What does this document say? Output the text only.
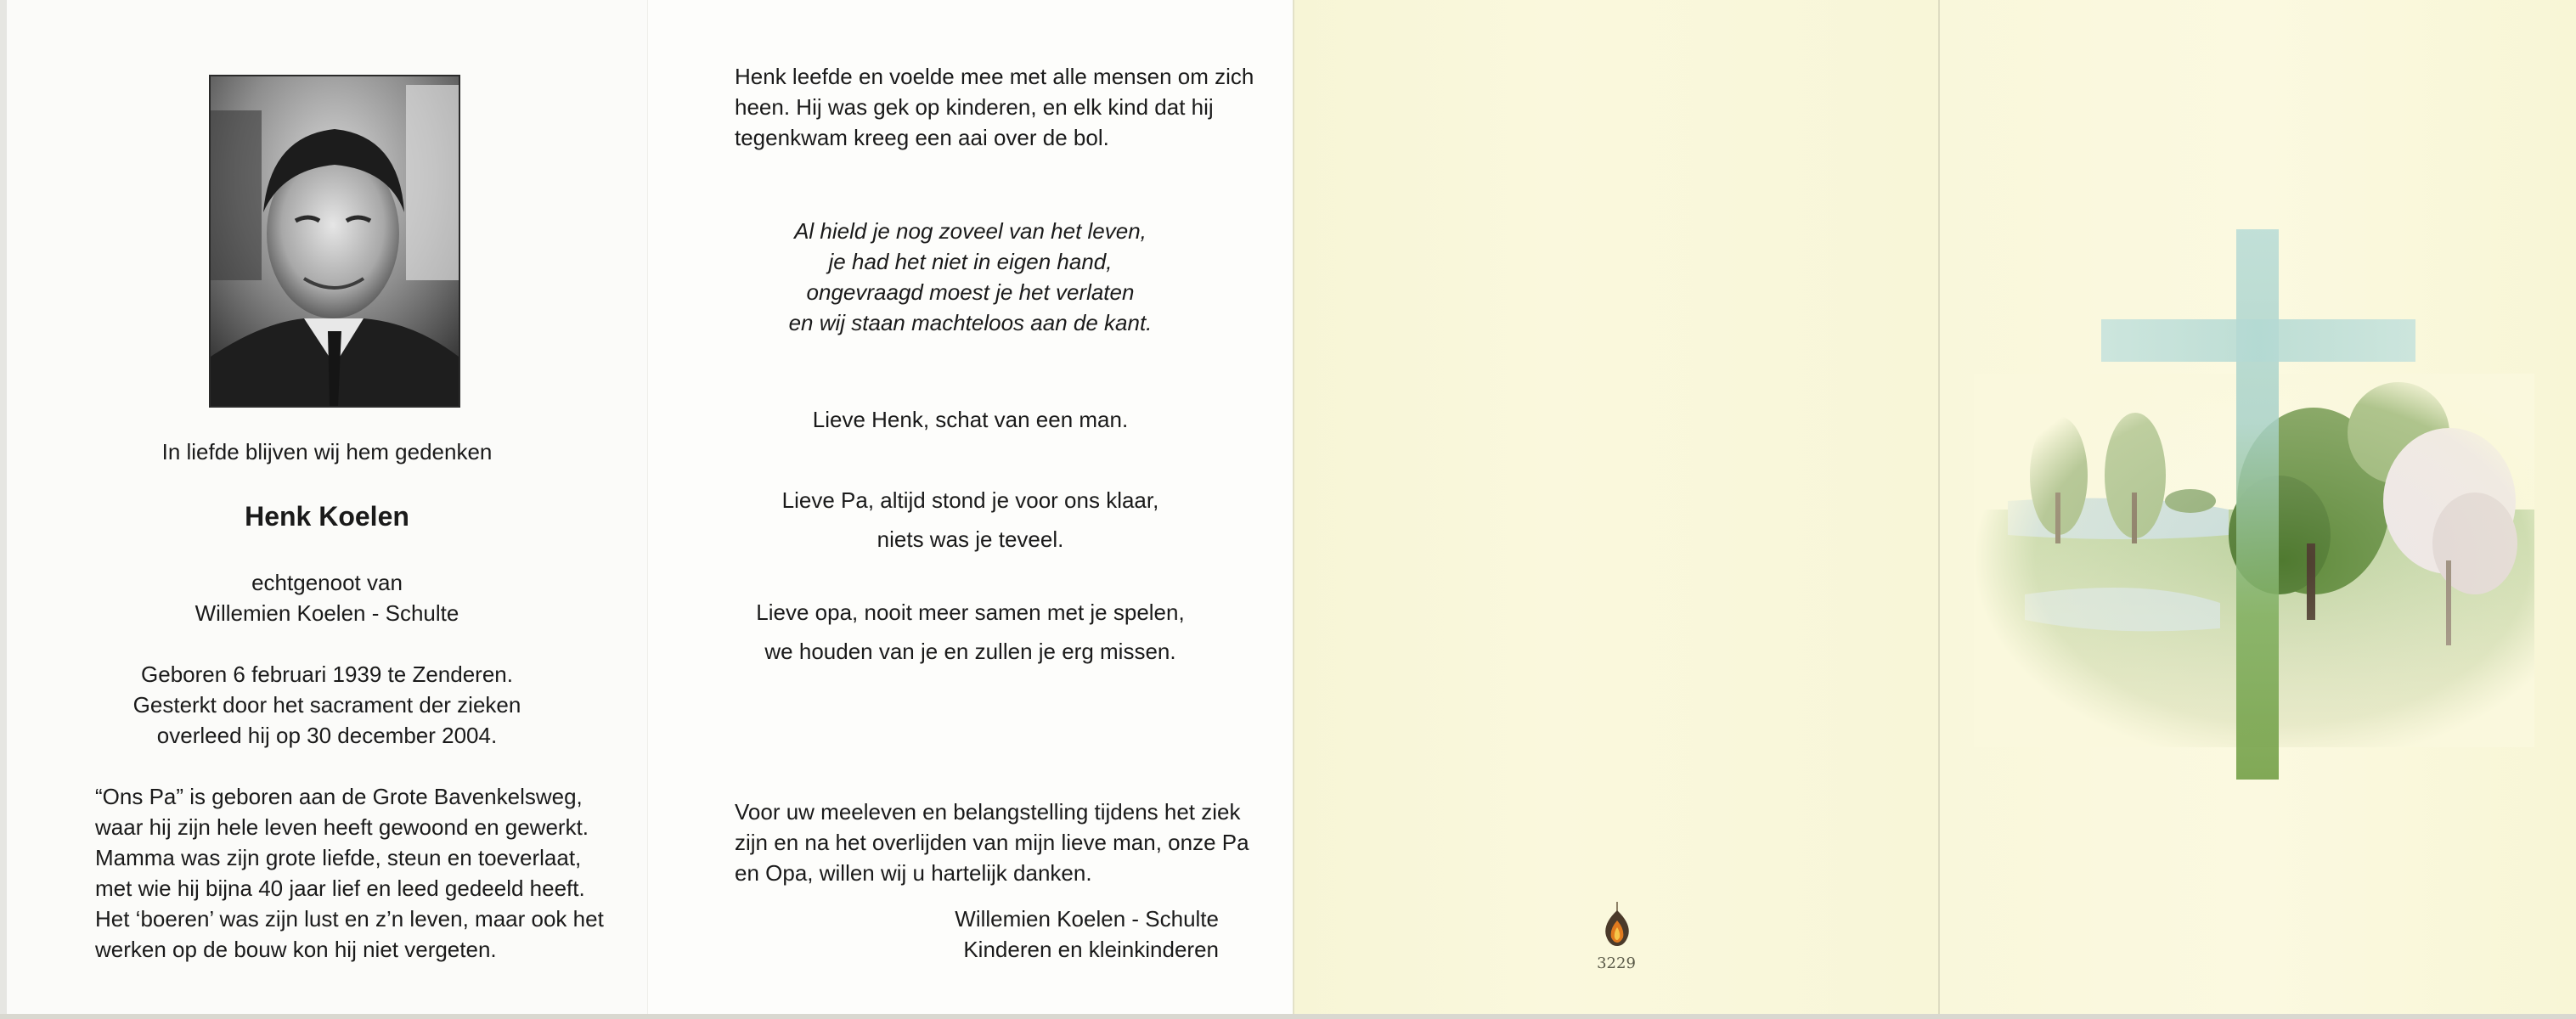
In liefde blijven wij hem gedenken

Henk Koelen

echtgenoot van
Willemien Koelen - Schulte
Geboren 6 februari 1939 te Zenderen.
Gesterkt door het sacrament der zieken
overleed hij op 30 december 2004.
“Ons Pa” is geboren aan de Grote Bavenkelsweg,
waar hij zijn hele leven heeft gewoond en gewerkt.
Mamma was zijn grote liefde, steun en toeverlaat,
met wie hij bijna 40 jaar lief en leed gedeeld heeft.
Het ‘boeren’ was zijn lust en z’n leven, maar ook het
werken op de bouw kon hij niet vergeten.
Henk leefde en voelde mee met alle mensen om zich
heen. Hij was gek op kinderen, en elk kind dat hij
tegenkwam kreeg een aai over de bol.
Al hield je nog zoveel van het leven,
je had het niet in eigen hand,
ongevraagd moest je het verlaten
en wij staan machteloos aan de kant.

Lieve Henk, schat van een man.

Lieve Pa, altijd stond je voor ons klaar,
niets was je teveel.
Lieve opa, nooit meer samen met je spelen,
we houden van je en zullen je erg missen.
Voor uw meeleven en belangstelling tijdens het ziek
zijn en na het overlijden van mijn lieve man, onze Pa
en Opa, willen wij u hartelijk danken.
Willemien Koelen - Schulte
Kinderen en kleinkinderen
3229
